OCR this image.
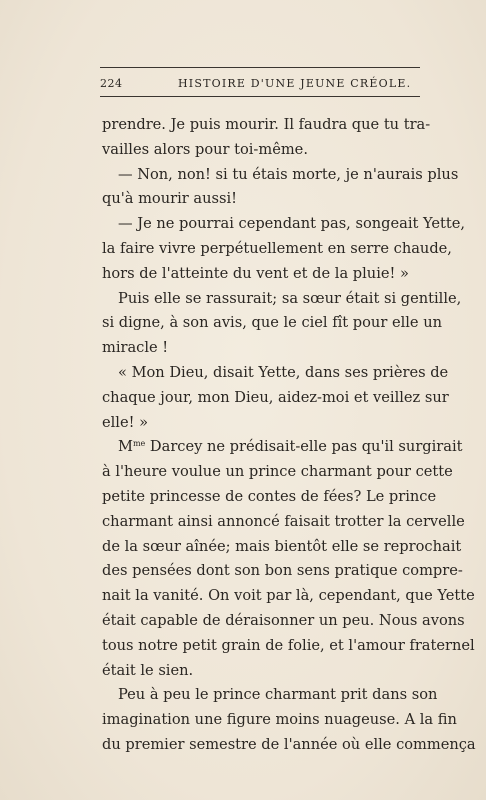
224	HISTOIRE D'UNE JEUNE CRÉOLE.
prendre. Je puis mourir. Il faudra que tu tra-
vailles alors pour toi-même.
— Non, non! si tu étais morte, je n'aurais plus
qu'à mourir aussi!
— Je ne pourrai cependant pas, songeait Yette,
la faire vivre perpétuellement en serre chaude,
hors de l'atteinte du vent et de la pluie! »
Puis elle se rassurait; sa sœur était si gentille,
si digne, à son avis, que le ciel fît pour elle un
miracle !
« Mon Dieu, disait Yette, dans ses prières de
chaque jour, mon Dieu, aidez-moi et veillez sur
elle! »
$M^{me}$ Darcey ne prédisait-elle pas qu'il surgirait
à l'heure voulue un prince charmant pour cette
petite princesse de contes de fées? Le prince
charmant ainsi annoncé faisait trotter la cervelle
de la sœur aînée; mais bientôt elle se reprochait
des pensées dont son bon sens pratique compre-
nait la vanité. On voit par là, cependant, que Yette
était capable de déraisonner un peu. Nous avons
tous notre petit grain de folie, et l'amour fraternel
était le sien.
Peu à peu le prince charmant prit dans son
imagination une figure moins nuageuse. A la fin
du premier semestre de l'année où elle commença
